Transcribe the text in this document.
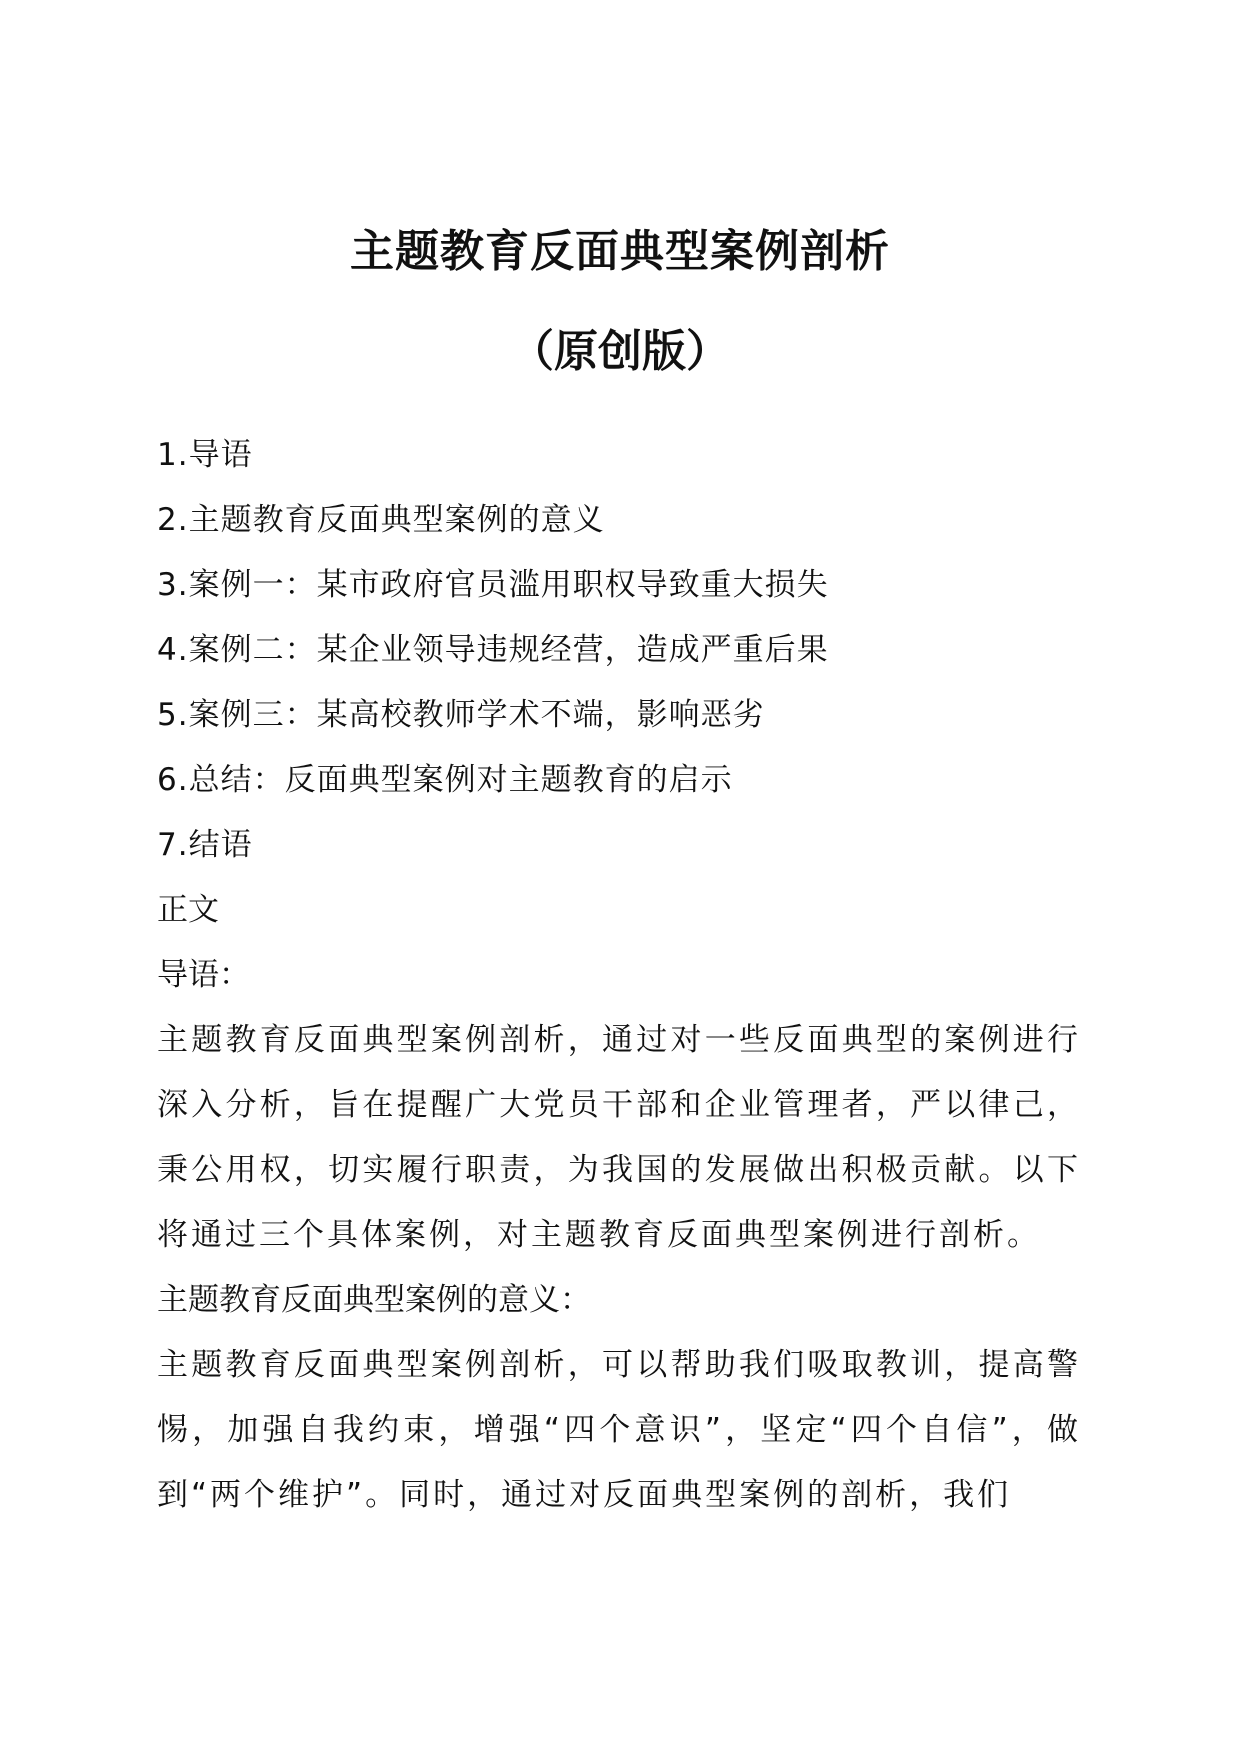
主题教育反面典型案例剖析
（原创版）
1.导语
2.主题教育反面典型案例的意义
3.案例一：某市政府官员滥用职权导致重大损失
4.案例二：某企业领导违规经营，造成严重后果
5.案例三：某高校教师学术不端，影响恶劣
6.总结：反面典型案例对主题教育的启示
7.结语
正文
导语：

主题教育反面典型案例剖析，通过对一些反面典型的案例进行深入分析，旨在提醒广大党员干部和企业管理者，严以律己，秉公用权，切实履行职责，为我国的发展做出积极贡献。以下将通过三个具体案例，对主题教育反面典型案例进行剖析。

主题教育反面典型案例的意义：

主题教育反面典型案例剖析，可以帮助我们吸取教训，提高警惕，加强自我约束，增强“四个意识”，坚定“四个自信”，做到“两个维护”。同时，通过对反面典型案例的剖析，我们
